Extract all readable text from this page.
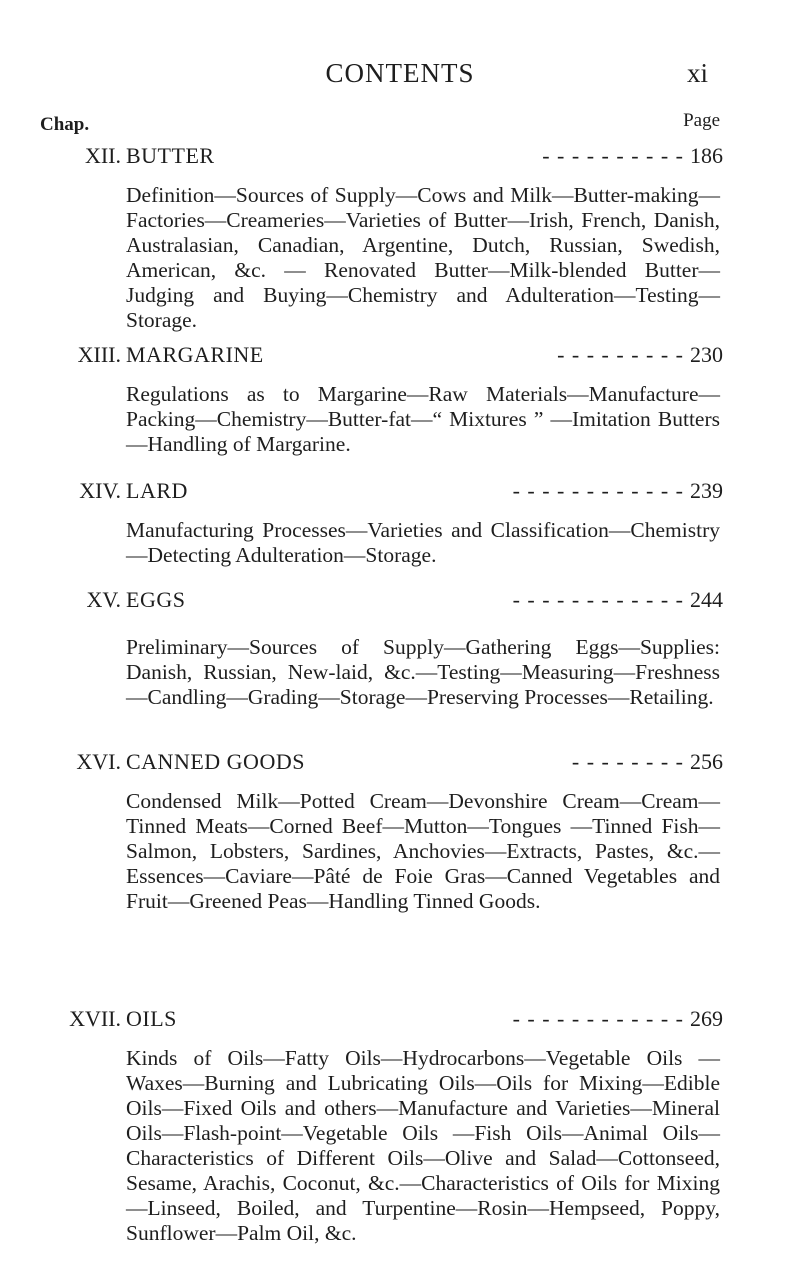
CONTENTS	xi
Chap.	Page
XII. BUTTER	- - - - - - - - - - 186
Definition—Sources of Supply—Cows and Milk—Butter-making—Factories—Creameries—Varieties of Butter—Irish, French, Danish, Australasian, Canadian, Argentine, Dutch, Russian, Swedish, American, &c. — Renovated Butter—Milk-blended Butter—Judging and Buying—Chemistry and Adulteration—Testing—Storage.
XIII. MARGARINE	- - - - - - - - - 230
Regulations as to Margarine—Raw Materials—Manufacture—Packing—Chemistry—Butter-fat—“ Mixtures ” —Imitation Butters—Handling of Margarine.
XIV. LARD	- - - - - - - - - - - - 239
Manufacturing Processes—Varieties and Classification—Chemistry—Detecting Adulteration—Storage.
XV. EGGS	- - - - - - - - - - - - 244
Preliminary—Sources of Supply—Gathering Eggs—Supplies: Danish, Russian, New-laid, &c.—Testing—Measuring—Freshness—Candling—Grading—Storage—Preserving Processes—Retailing.
XVI. CANNED GOODS	- - - - - - - - 256
Condensed Milk—Potted Cream—Devonshire Cream—Cream—Tinned Meats—Corned Beef—Mutton—Tongues —Tinned Fish—Salmon, Lobsters, Sardines, Anchovies—Extracts, Pastes, &c.—Essences—Caviare—Pâté de Foie Gras—Canned Vegetables and Fruit—Greened Peas—Handling Tinned Goods.
XVII. OILS	- - - - - - - - - - - - 269
Kinds of Oils—Fatty Oils—Hydrocarbons—Vegetable Oils —Waxes—Burning and Lubricating Oils—Oils for Mixing—Edible Oils—Fixed Oils and others—Manufacture and Varieties—Mineral Oils—Flash-point—Vegetable Oils —Fish Oils—Animal Oils—Characteristics of Different Oils—Olive and Salad—Cottonseed, Sesame, Arachis, Coconut, &c.—Characteristics of Oils for Mixing—Linseed, Boiled, and Turpentine—Rosin—Hempseed, Poppy, Sunflower—Palm Oil, &c.
